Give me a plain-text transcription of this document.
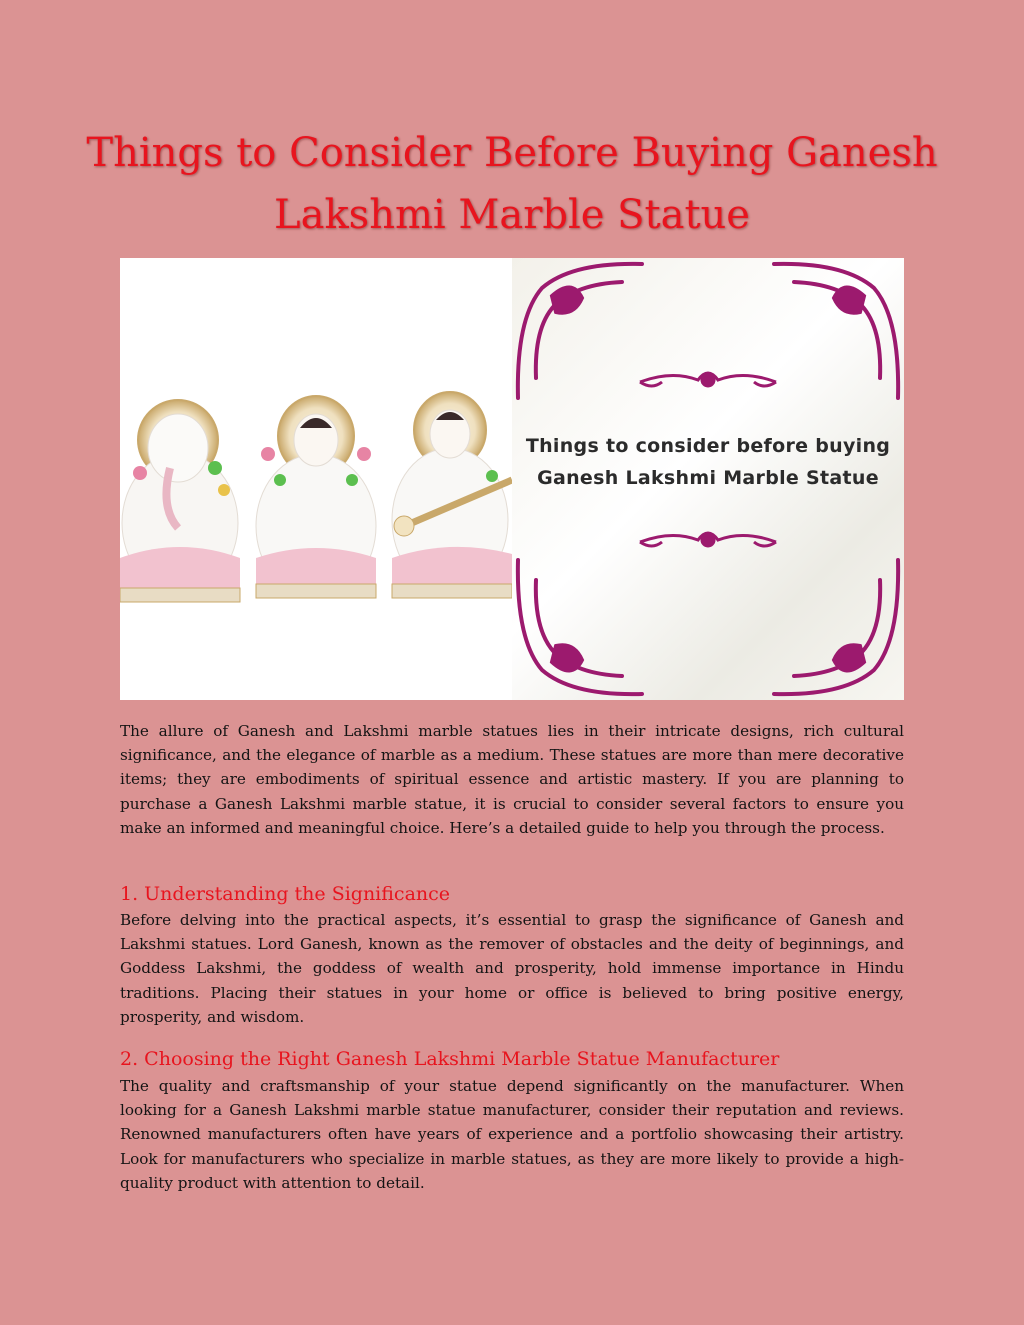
Things to Consider Before Buying Ganesh Lakshmi Marble Statue
Things to consider before buying
Ganesh Lakshmi Marble Statue

The allure of Ganesh and Lakshmi marble statues lies in their intricate designs, rich cultural significance, and the elegance of marble as a medium. These statues are more than mere decorative items; they are embodiments of spiritual essence and artistic mastery. If you are planning to purchase a Ganesh Lakshmi marble statue, it is crucial to consider several factors to ensure you make an informed and meaningful choice. Here’s a detailed guide to help you through the process.

1. Understanding the Significance

Before delving into the practical aspects, it’s essential to grasp the significance of Ganesh and Lakshmi statues. Lord Ganesh, known as the remover of obstacles and the deity of beginnings, and Goddess Lakshmi, the goddess of wealth and prosperity, hold immense importance in Hindu traditions. Placing their statues in your home or office is believed to bring positive energy, prosperity, and wisdom.

2. Choosing the Right Ganesh Lakshmi Marble Statue Manufacturer

The quality and craftsmanship of your statue depend significantly on the manufacturer. When looking for a Ganesh Lakshmi marble statue manufacturer, consider their reputation and reviews. Renowned manufacturers often have years of experience and a portfolio showcasing their artistry. Look for manufacturers who specialize in marble statues, as they are more likely to provide a high-quality product with attention to detail.
